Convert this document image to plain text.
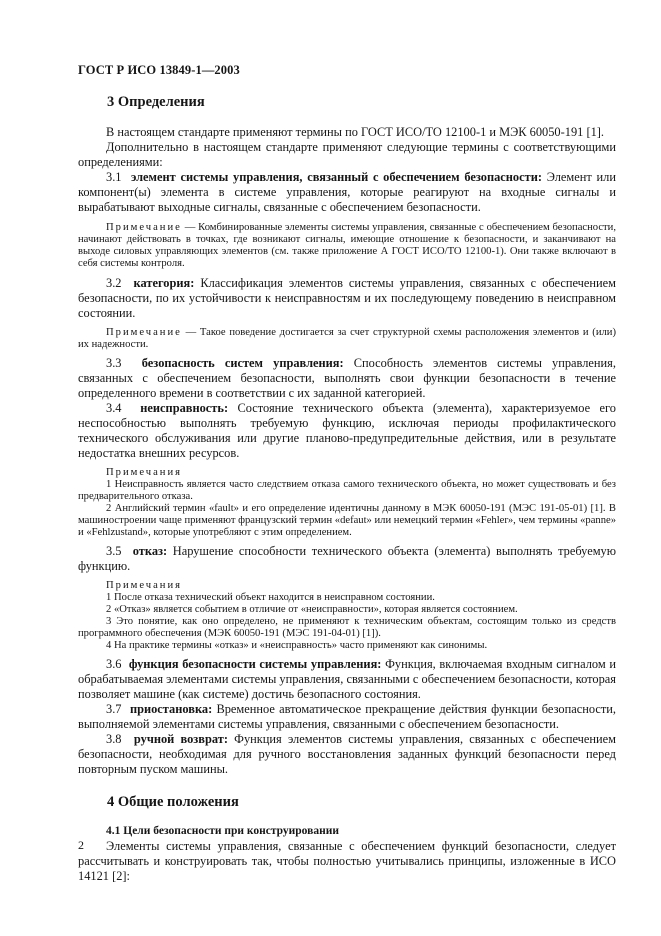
ГОСТ Р ИСО 13849-1—2003
3 Определения

В настоящем стандарте применяют термины по ГОСТ ИСО/ТО 12100-1 и МЭК 60050-191 [1].

Дополнительно в настоящем стандарте применяют следующие термины с соответствующими определениями:

3.1 элемент системы управления, связанный с обеспечением безопасности: Элемент или компонент(ы) элемента в системе управления, которые реагируют на входные сигналы и вырабатывают выходные сигналы, связанные с обеспечением безопасности.

Примечание — Комбинированные элементы системы управления, связанные с обеспечением безопасности, начинают действовать в точках, где возникают сигналы, имеющие отношение к безопасности, и заканчивают на выходе силовых управляющих элементов (см. также приложение А ГОСТ ИСО/ТО 12100-1). Они также включают в себя системы контроля.

3.2 категория: Классификация элементов системы управления, связанных с обеспечением безопасности, по их устойчивости к неисправностям и их последующему поведению в неисправном состоянии.

Примечание — Такое поведение достигается за счет структурной схемы расположения элементов и (или) их надежности.

3.3 безопасность систем управления: Способность элементов системы управления, связанных с обеспечением безопасности, выполнять свои функции безопасности в течение определенного времени в соответствии с их заданной категорией.

3.4 неисправность: Состояние технического объекта (элемента), характеризуемое его неспособностью выполнять требуемую функцию, исключая периоды профилактического технического обслуживания или другие планово-предупредительные действия, или в результате недостатка внешних ресурсов.

Примечания

1 Неисправность является часто следствием отказа самого технического объекта, но может существовать и без предварительного отказа.

2 Английский термин «fault» и его определение идентичны данному в МЭК 60050-191 (МЭС 191-05-01) [1]. В машиностроении чаще применяют французский термин «defaut» или немецкий термин «Fehler», чем термины «panne» и «Fehlzustand», которые употребляют с этим определением.

3.5 отказ: Нарушение способности технического объекта (элемента) выполнять требуемую функцию.

Примечания

1 После отказа технический объект находится в неисправном состоянии.

2 «Отказ» является событием в отличие от «неисправности», которая является состоянием.

3 Это понятие, как оно определено, не применяют к техническим объектам, состоящим только из средств программного обеспечения (МЭК 60050-191 (МЭС 191-04-01) [1]).

4 На практике термины «отказ» и «неисправность» часто применяют как синонимы.

3.6 функция безопасности системы управления: Функция, включаемая входным сигналом и обрабатываемая элементами системы управления, связанными с обеспечением безопасности, которая позволяет машине (как системе) достичь безопасного состояния.

3.7 приостановка: Временное автоматическое прекращение действия функции безопасности, выполняемой элементами системы управления, связанными с обеспечением безопасности.

3.8 ручной возврат: Функция элементов системы управления, связанных с обеспечением безопасности, необходимая для ручного восстановления заданных функций безопасности перед повторным пуском машины.

4 Общие положения

4.1 Цели безопасности при конструировании

Элементы системы управления, связанные с обеспечением функций безопасности, следует рассчитывать и конструировать так, чтобы полностью учитывались принципы, изложенные в ИСО 14121 [2]:

2
